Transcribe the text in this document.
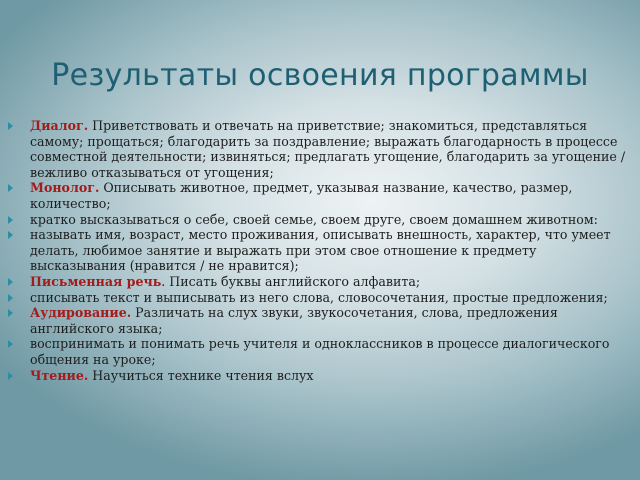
Результаты освоения программы
Диалог. Приветствовать и отвечать на приветствие; знакомиться, представляться самому; прощаться; благодарить за поздравление; выражать благодарность в процессе совместной деятельности; извиняться; предлагать угощение, благодарить за угощение / вежливо отказываться от угощения;
Монолог. Описывать животное, предмет, указывая название, качество, размер, количество;
кратко высказываться о себе, своей семье, своем друге, своем домашнем животном:
называть имя, возраст, место проживания, описывать внешность, характер, что умеет делать, любимое занятие и выражать при этом свое отношение к предмету высказывания (нравится / не нравится);
Письменная речь. Писать буквы английского алфавита;
списывать текст и выписывать из него слова, словосочетания, простые предложения;
Аудирование. Различать на слух звуки, звукосочетания, слова, предложения английского языка;
воспринимать и понимать речь учителя и одноклассников в процессе диалогического общения на уроке;
Чтение. Научиться технике чтения вслух
